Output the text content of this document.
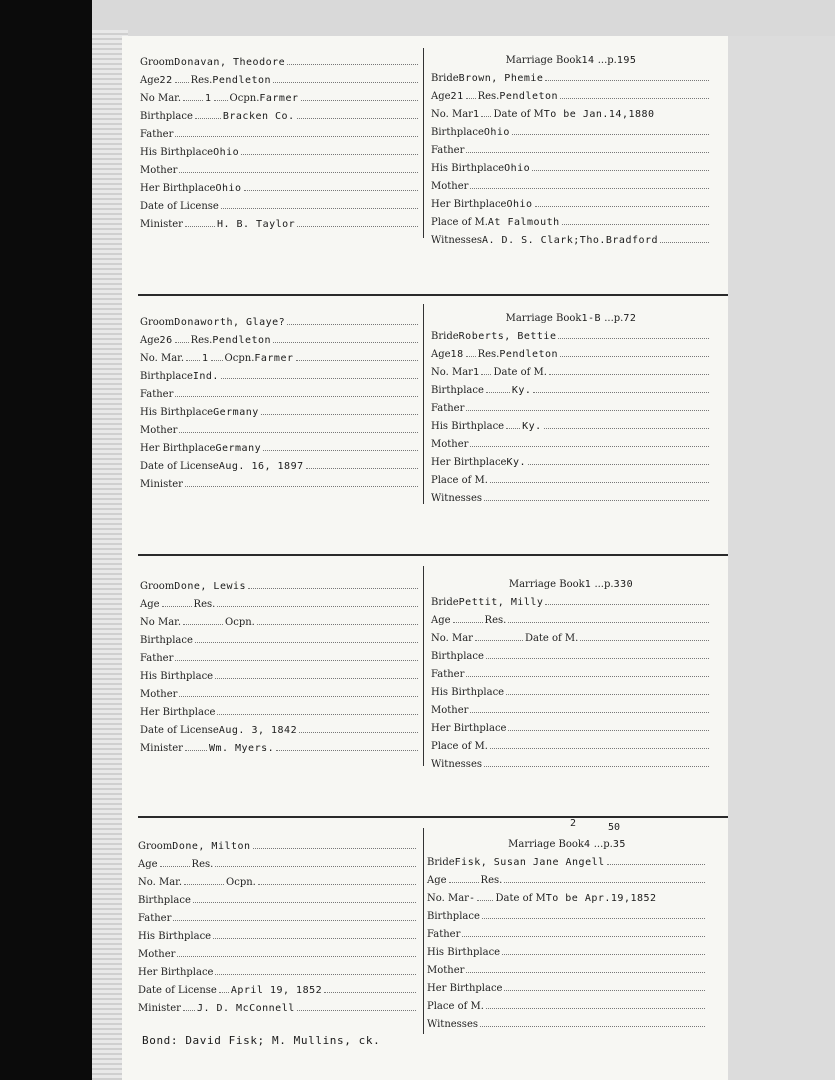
Groom Donavan, Theodore
Age 22 Res. Pendleton
No Mar. 1 Ocpn. Farmer
Birthplace	Bracken Co.
Father
His Birthplace Ohio
Mother
Her Birthplace Ohio
Date of License
Minister	H. B. Taylor
Marriage Book 14 ...p. 195
Bride Brown, Phemie
Age 21 Res. Pendleton
No. Mar 1 Date of M To be Jan.14,1880
Birthplace Ohio
Father
His Birthplace Ohio
Mother
Her Birthplace Ohio
Place of M. At Falmouth
Witnesses A. D. S. Clark;Tho.Bradford
Groom Donaworth, Glaye?
Age 26 Res. Pendleton
No. Mar. 1 Ocpn. Farmer
Birthplace Ind.
Father
His Birthplace Germany
Mother
Her Birthplace Germany
Date of License Aug. 16, 1897
Minister
Marriage Book 1-B ...p. 72
Bride Roberts, Bettie
Age 18 Res. Pendleton
No. Mar 1 Date of M.
Birthplace	Ky.
Father
His Birthplace Ky.
Mother
Her Birthplace Ky.
Place of M.
Witnesses
Groom Done, Lewis
Age	Res.
No Mar.	Ocpn.
Birthplace
Father
His Birthplace
Mother
Her Birthplace
Date of License Aug. 3, 1842
Minister	Wm. Myers.
Marriage Book 1 ...p. 330
Bride Pettit, Milly
Age	Res.
No. Mar	Date of M.
Birthplace
Father
His Birthplace
Mother
Her Birthplace
Place of M.
Witnesses
2	50
Groom Done, Milton
Age	Res.
No. Mar.	Ocpn.
Birthplace
Father
His Birthplace
Mother
Her Birthplace
Date of License April 19, 1852
Minister J. D. McConnell
Marriage Book 4 ...p. 35
Bride Fisk, Susan Jane Angell
Age	Res.
No. Mar - Date of M To be Apr.19,1852
Birthplace
Father
His Birthplace
Mother
Her Birthplace
Place of M.
Witnesses
Bond: David Fisk; M. Mullins, ck.
